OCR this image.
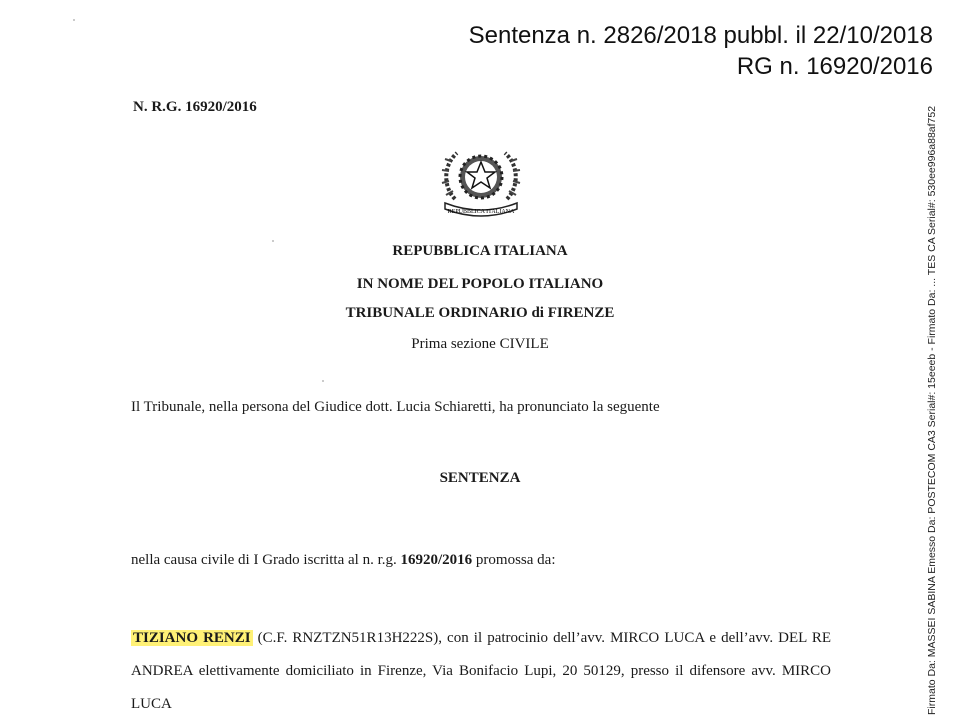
Sentenza n. 2826/2018 pubbl. il 22/10/2018
RG n. 16920/2016
N. R.G. 16920/2016
REPUBBLICA ITALIANA
REPUBBLICA ITALIANA
IN NOME DEL POPOLO ITALIANO
TRIBUNALE ORDINARIO di FIRENZE
Prima sezione CIVILE
Il Tribunale, nella persona del Giudice dott. Lucia Schiaretti, ha pronunciato la seguente
SENTENZA
nella causa civile di I Grado iscritta al n. r.g. 16920/2016 promossa da:
TIZIANO RENZI (C.F. RNZTZN51R13H222S), con il patrocinio dell’avv. MIRCO LUCA e dell’avv. DEL RE ANDREA elettivamente domiciliato in Firenze, Via Bonifacio Lupi, 20 50129, presso il difensore avv. MIRCO LUCA	Firmato Da: MASSEI SABINA Emesso Da: POSTECOM CA3 Serial#: 15eeeb - Firmato Da: ... TES CA Serial#: 530ee996a88af752
